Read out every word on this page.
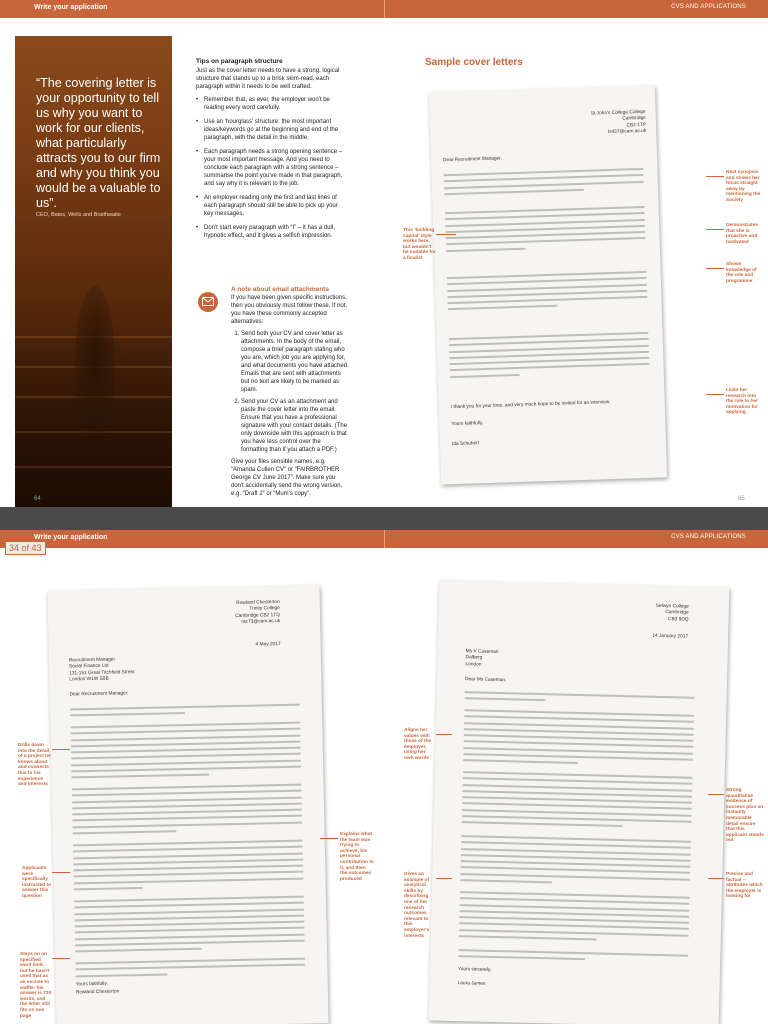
Write your application	CVS AND APPLICATIONS
“The covering letter is your opportunity to tell us why you want to work for our clients, what particularly attracts you to our firm and why you think you would be a valuable to us”.
CEO, Bates, Wells and Braithwaite
Tips on paragraph structure

Just as the cover letter needs to have a strong, logical structure that stands up to a brisk skim-read, each paragraph within it needs to be well crafted.

• Remember that, as ever, the employer won't be reading every word carefully.
• Use an ‘hourglass’ structure: the most important ideas/keywords go at the beginning and end of the paragraph, with the detail in the middle.
• Each paragraph needs a strong opening sentence – your most important message. And you need to conclude each paragraph with a strong sentence – summarise the point you've made in that paragraph, and say why it is relevant to the job.
• An employer reading only the first and last lines of each paragraph should still be able to pick up your key messages.
• Don't start every paragraph with “I” – it has a dull, hypnotic effect, and it gives a selfish impression.
A note about email attachments

If you have been given specific instructions, then you obviously must follow these. If not, you have these commonly accepted alternatives:

1. Send both your CV and cover letter as attachments. In the body of the email, compose a brief paragraph stating who you are, which job you are applying for, and what documents you have attached. Emails that are sent with attachments but no text are likely to be marked as spam.
2. Send your CV as an attachment and paste the cover letter into the email. Ensure that you have a professional signature with your contact details. (The only downside with this approach is that you have less control over the formatting than if you attach a PDF.)

Give your files sensible names, e.g. “Amanda Cullen CV” or “FAIRBROTHER George CV June 2017”. Make sure you don't accidentally send the wrong version, e.g. “Draft 2” or “Mum's copy”.

64	65
Sample cover letters
St John's College College
Cambridge
CB2 1TP
ls437@cam.ac.uk
Dear Recruitment Manager,
I thank you for your time, and very much hope to be invited for an interview.
Yours faithfully,
Ida Schubert
This ‘building capital’ style works here, but wouldn't be suitable for a finalist
Neat synopsis and shows her focus straight away by mentioning the Society
Demonstrates that she is proactive and motivated
Shows knowledge of the role and programme
Links her research into the role to her motivation for applying
Write your application	CVS AND APPLICATIONS
Rowland Chesterton
Trinity College
Cambridge CB2 1TQ
rac73@cam.ac.uk
4 May 2017
Recruitment Manager
Social Finance Ltd
131-151 Great Titchfield Street
London W1W 5BB
Dear Recruitment Manager,
Yours faithfully,
Rowland Chesterton
Selwyn College
Cambridge
CB3 9DQ
14 January 2017
Ms V Caseman
Dalberg
London
Dear Ms Caseman,
Yours sincerely,
Laura James
Drills down into the detail of a project he knows about and connects this to his experience and interests
Applicants were specifically instructed to answer this question
Stays on an specified word limit, but he hasn't used that as an excuse to waffle: his answer is 720 words, and the letter still fits on one page
Explains what the team was trying to achieve, his personal contribution to it, and then the outcomes produced
Aligns her values with those of the employer, using her own words
Gives an example of analytical skills by describing one of her research outcomes relevant to this employer's interests
Strong quantitative evidence of success plus an instantly memorable detail ensure that this applicant stands out
Precise and factual – attributes which the employer is looking for
34 of 43
